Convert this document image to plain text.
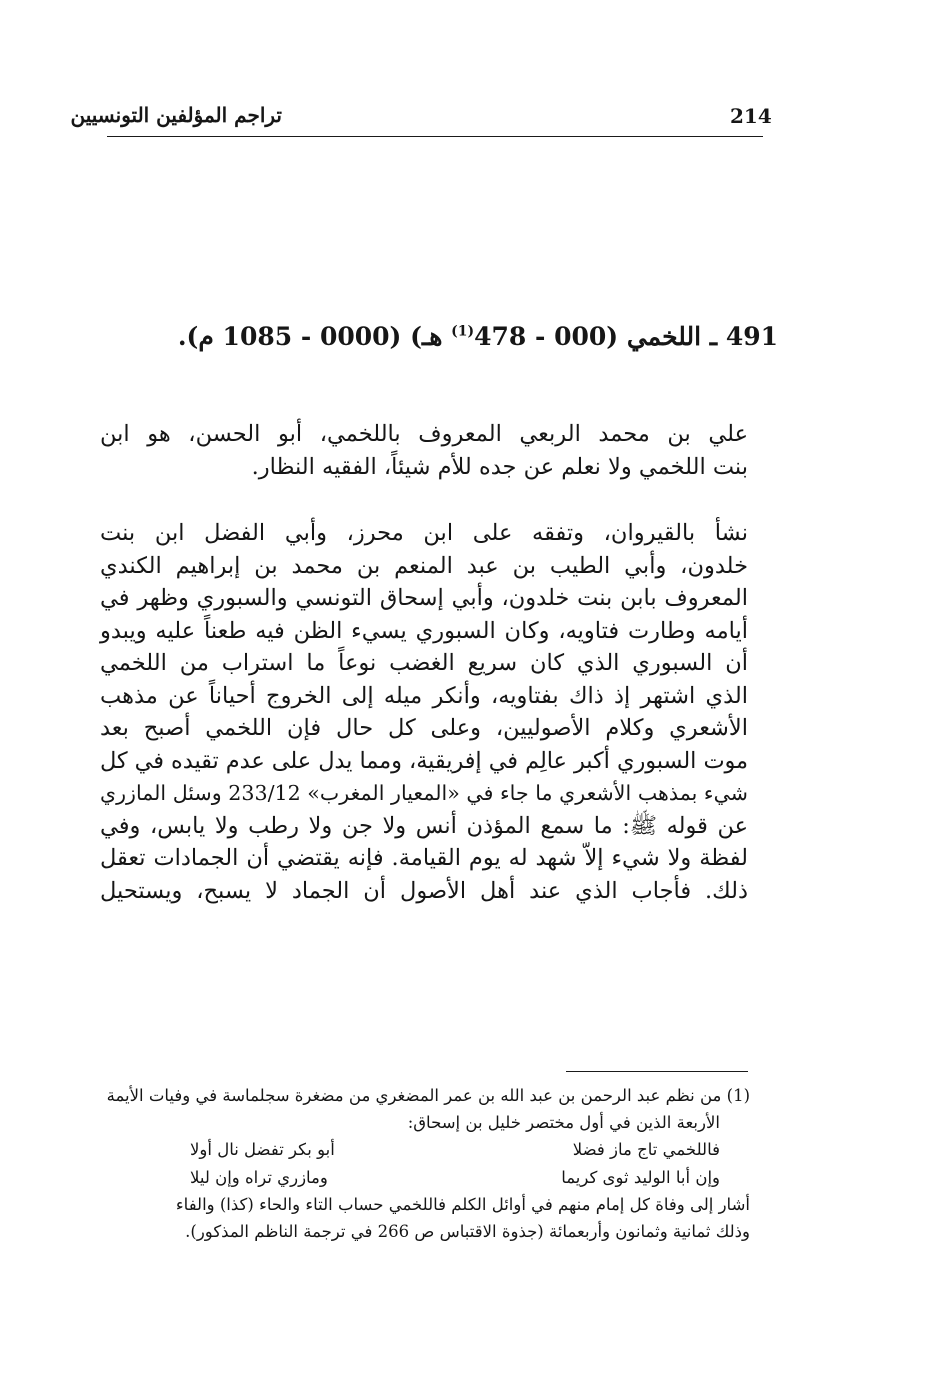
214
تراجم المؤلفين التونسيين
491 ـ اللخمي (000 - 478$^{(1)}$ هـ) (0000 - 1085 م).
علي بن محمد الربعي المعروف باللخمي، أبو الحسن، هو ابن
بنت اللخمي ولا نعلم عن جده للأم شيئاً، الفقيه النظار.
نشأ بالقيروان، وتفقه على ابن محرز، وأبي الفضل ابن بنت
خلدون، وأبي الطيب بن عبد المنعم بن محمد بن إبراهيم الكندي
المعروف بابن بنت خلدون، وأبي إسحاق التونسي والسبوري وظهر في
أيامه وطارت فتاويه، وكان السبوري يسيء الظن فيه طعناً عليه ويبدو
أن السبوري الذي كان سريع الغضب نوعاً ما استراب من اللخمي
الذي اشتهر إذ ذاك بفتاويه، وأنكر ميله إلى الخروج أحياناً عن مذهب
الأشعري وكلام الأصوليين، وعلى كل حال فإن اللخمي أصبح بعد
موت السبوري أكبر عالِم في إفريقية، ومما يدل على عدم تقيده في كل
شيء بمذهب الأشعري ما جاء في «المعيار المغرب» 233/12 وسئل المازري
عن قوله ﷺ: ما سمع المؤذن أنس ولا جن ولا رطب ولا يابس، وفي
لفظة ولا شيء إلاّ شهد له يوم القيامة. فإنه يقتضي أن الجمادات تعقل
ذلك. فأجاب الذي عند أهل الأصول أن الجماد لا يسبح، ويستحيل
(1) من نظم عبد الرحمن بن عبد الله بن عمر المضغري من مضغرة سجلماسة في وفيات الأيمة
الأربعة الذين في أول مختصر خليل بن إسحاق:
فاللخمي تاج ماز فضلا
أبو بكر تفضل نال أولا
وإن أبا الوليد ثوى كريما
ومازري تراه وإن ليلا
أشار إلى وفاة كل إمام منهم في أوائل الكلم فاللخمي حساب التاء والحاء (كذا) والفاء
وذلك ثمانية وثمانون وأربعمائة (جذوة الاقتباس ص 266 في ترجمة الناظم المذكور).
